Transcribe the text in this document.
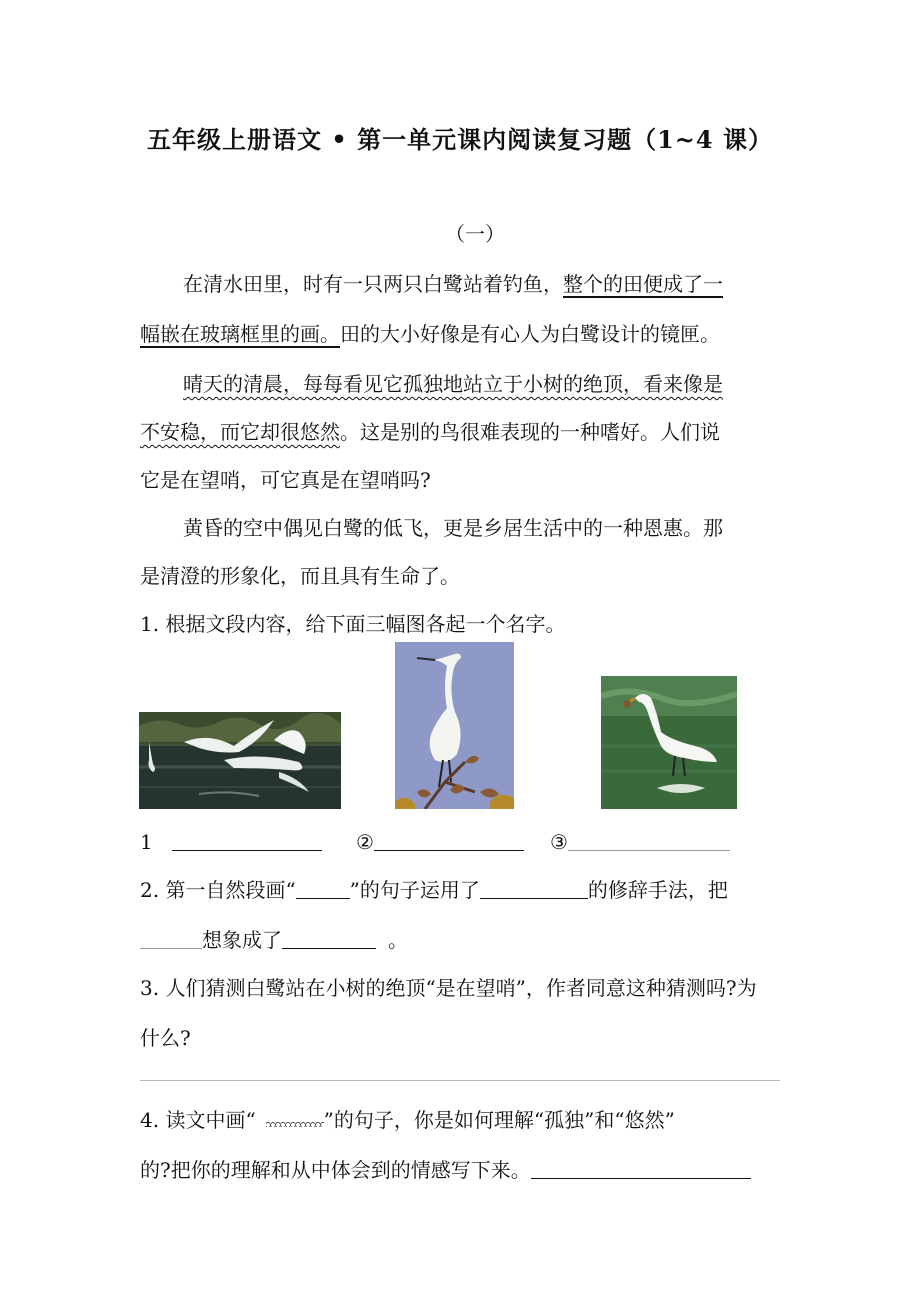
五年级上册语文 • 第一单元课内阅读复习题（1~4 课）
（一）
在清水田里，时有一只两只白鹭站着钓鱼，整个的田便成了一
幅嵌在玻璃框里的画。田的大小好像是有心人为白鹭设计的镜匣。
晴天的清晨，每每看见它孤独地站立于小树的绝顶，看来像是
不安稳，而它却很悠然。这是别的鸟很难表现的一种嗜好。人们说
它是在望哨，可它真是在望哨吗?
黄昏的空中偶见白鹭的低飞，更是乡居生活中的一种恩惠。那
是清澄的形象化，而且具有生命了。
1. 根据文段内容，给下面三幅图各起一个名字。
1	②	③
2. 第一自然段画“	”的句子运用了	的修辞手法，把
想象成了	。
3. 人们猜测白鹭站在小树的绝顶“是在望哨”，作者同意这种猜测吗?为
什么?
4. 读文中画“	”的句子，你是如何理解“孤独”和“悠然”
的?把你的理解和从中体会到的情感写下来。
